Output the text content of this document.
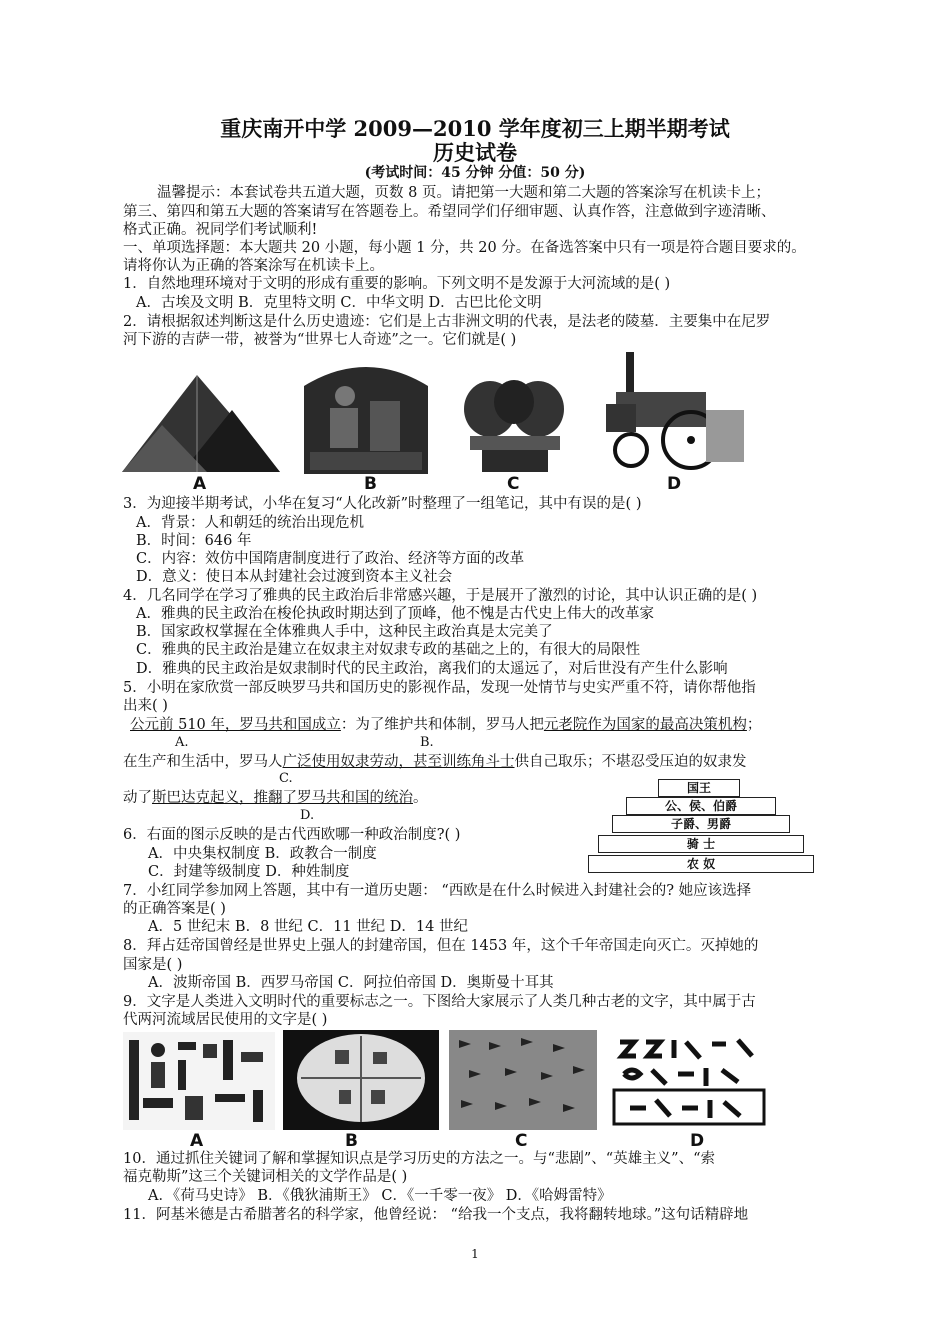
重庆南开中学 2009—2010 学年度初三上期半期考试
历史试卷
(考试时间：45 分钟 分值：50 分)
温馨提示：本套试卷共五道大题，页数 8 页。请把第一大题和第二大题的答案涂写在机读卡上；
第三、第四和第五大题的答案请写在答题卷上。希望同学们仔细审题、认真作答，注意做到字迹清晰、
格式正确。祝同学们考试顺利!
一、单项选择题：本大题共 20 小题，每小题 1 分，共 20 分。在备选答案中只有一项是符合题目要求的。
请将你认为正确的答案涂写在机读卡上。
1．自然地理环境对于文明的形成有重要的影响。下列文明不是发源于大河流域的是( )
A．古埃及文明 B．克里特文明 C．中华文明 D．古巴比伦文明
2．请根据叙述判断这是什么历史遗迹：它们是上古非洲文明的代表，是法老的陵墓．主要集中在尼罗
河下游的吉萨一带，被誉为“世界七人奇迹”之一。它们就是( )
A	B	C	D
3．为迎接半期考试，小华在复习“人化改新”时整理了一组笔记，其中有误的是( )
A．背景：人和朝廷的统治出现危机
B．时间：646 年
C．内容：效仿中国隋唐制度进行了政治、经济等方面的改革
D．意义：使日本从封建社会过渡到资本主义社会
4．几名同学在学习了雅典的民主政治后非常感兴趣，于是展开了激烈的讨论，其中认识正确的是( )
A．雅典的民主政治在梭伦执政时期达到了顶峰，他不愧是古代史上伟大的改革家
B．国家政权掌握在全体雅典人手中，这种民主政治真是太完美了
C．雅典的民主政治是建立在奴隶主对奴隶专政的基础之上的，有很大的局限性
D．雅典的民主政治是奴隶制时代的民主政治，离我们的太遥远了，对后世没有产生什么影响
5．小明在家欣赏一部反映罗马共和国历史的影视作品，发现一处情节与史实严重不符，请你帮他指
出来( )
公元前 510 年，罗马共和国成立：为了维护共和体制，罗马人把元老院作为国家的最高决策机构；
A.	B.
在生产和生活中，罗马人广泛使用奴隶劳动，甚至训练角斗士供自己取乐；不堪忍受压迫的奴隶发
C.
动了斯巴达克起义，推翻了罗马共和国的统治。
D.
6．右面的图示反映的是古代西欧哪一种政治制度?( )
A．中央集权制度 B．政教合一制度
C．封建等级制度 D．种姓制度
国王
公、侯、伯爵
子爵、男爵
骑 士
农 奴
7．小红同学参加网上答题，其中有一道历史题： “西欧是在什么时候进入封建社会的? 她应该选择
的正确答案是( )
A．5 世纪末 B．8 世纪 C．11 世纪 D．14 世纪
8．拜占廷帝国曾经是世界史上强人的封建帝国，但在 1453 年，这个千年帝国走向灭亡。灭掉她的
国家是( )
A．波斯帝国 B．西罗马帝国 C．阿拉伯帝国 D．奥斯曼十耳其
9．文字是人类进入文明时代的重要标志之一。下图给大家展示了人类几种古老的文字，其中属于古
代两河流域居民使用的文字是( )
A	B	C	D
10．通过抓住关键词了解和掌握知识点是学习历史的方法之一。与“悲剧”、“英雄主义”、“索
福克勒斯”这三个关键词相关的文学作品是( )
A．《荷马史诗》 B．《俄狄浦斯王》 C．《一千零一夜》 D．《哈姆雷特》
11．阿基米德是古希腊著名的科学家，他曾经说： “给我一个支点，我将翻转地球。”这句话精辟地
1
